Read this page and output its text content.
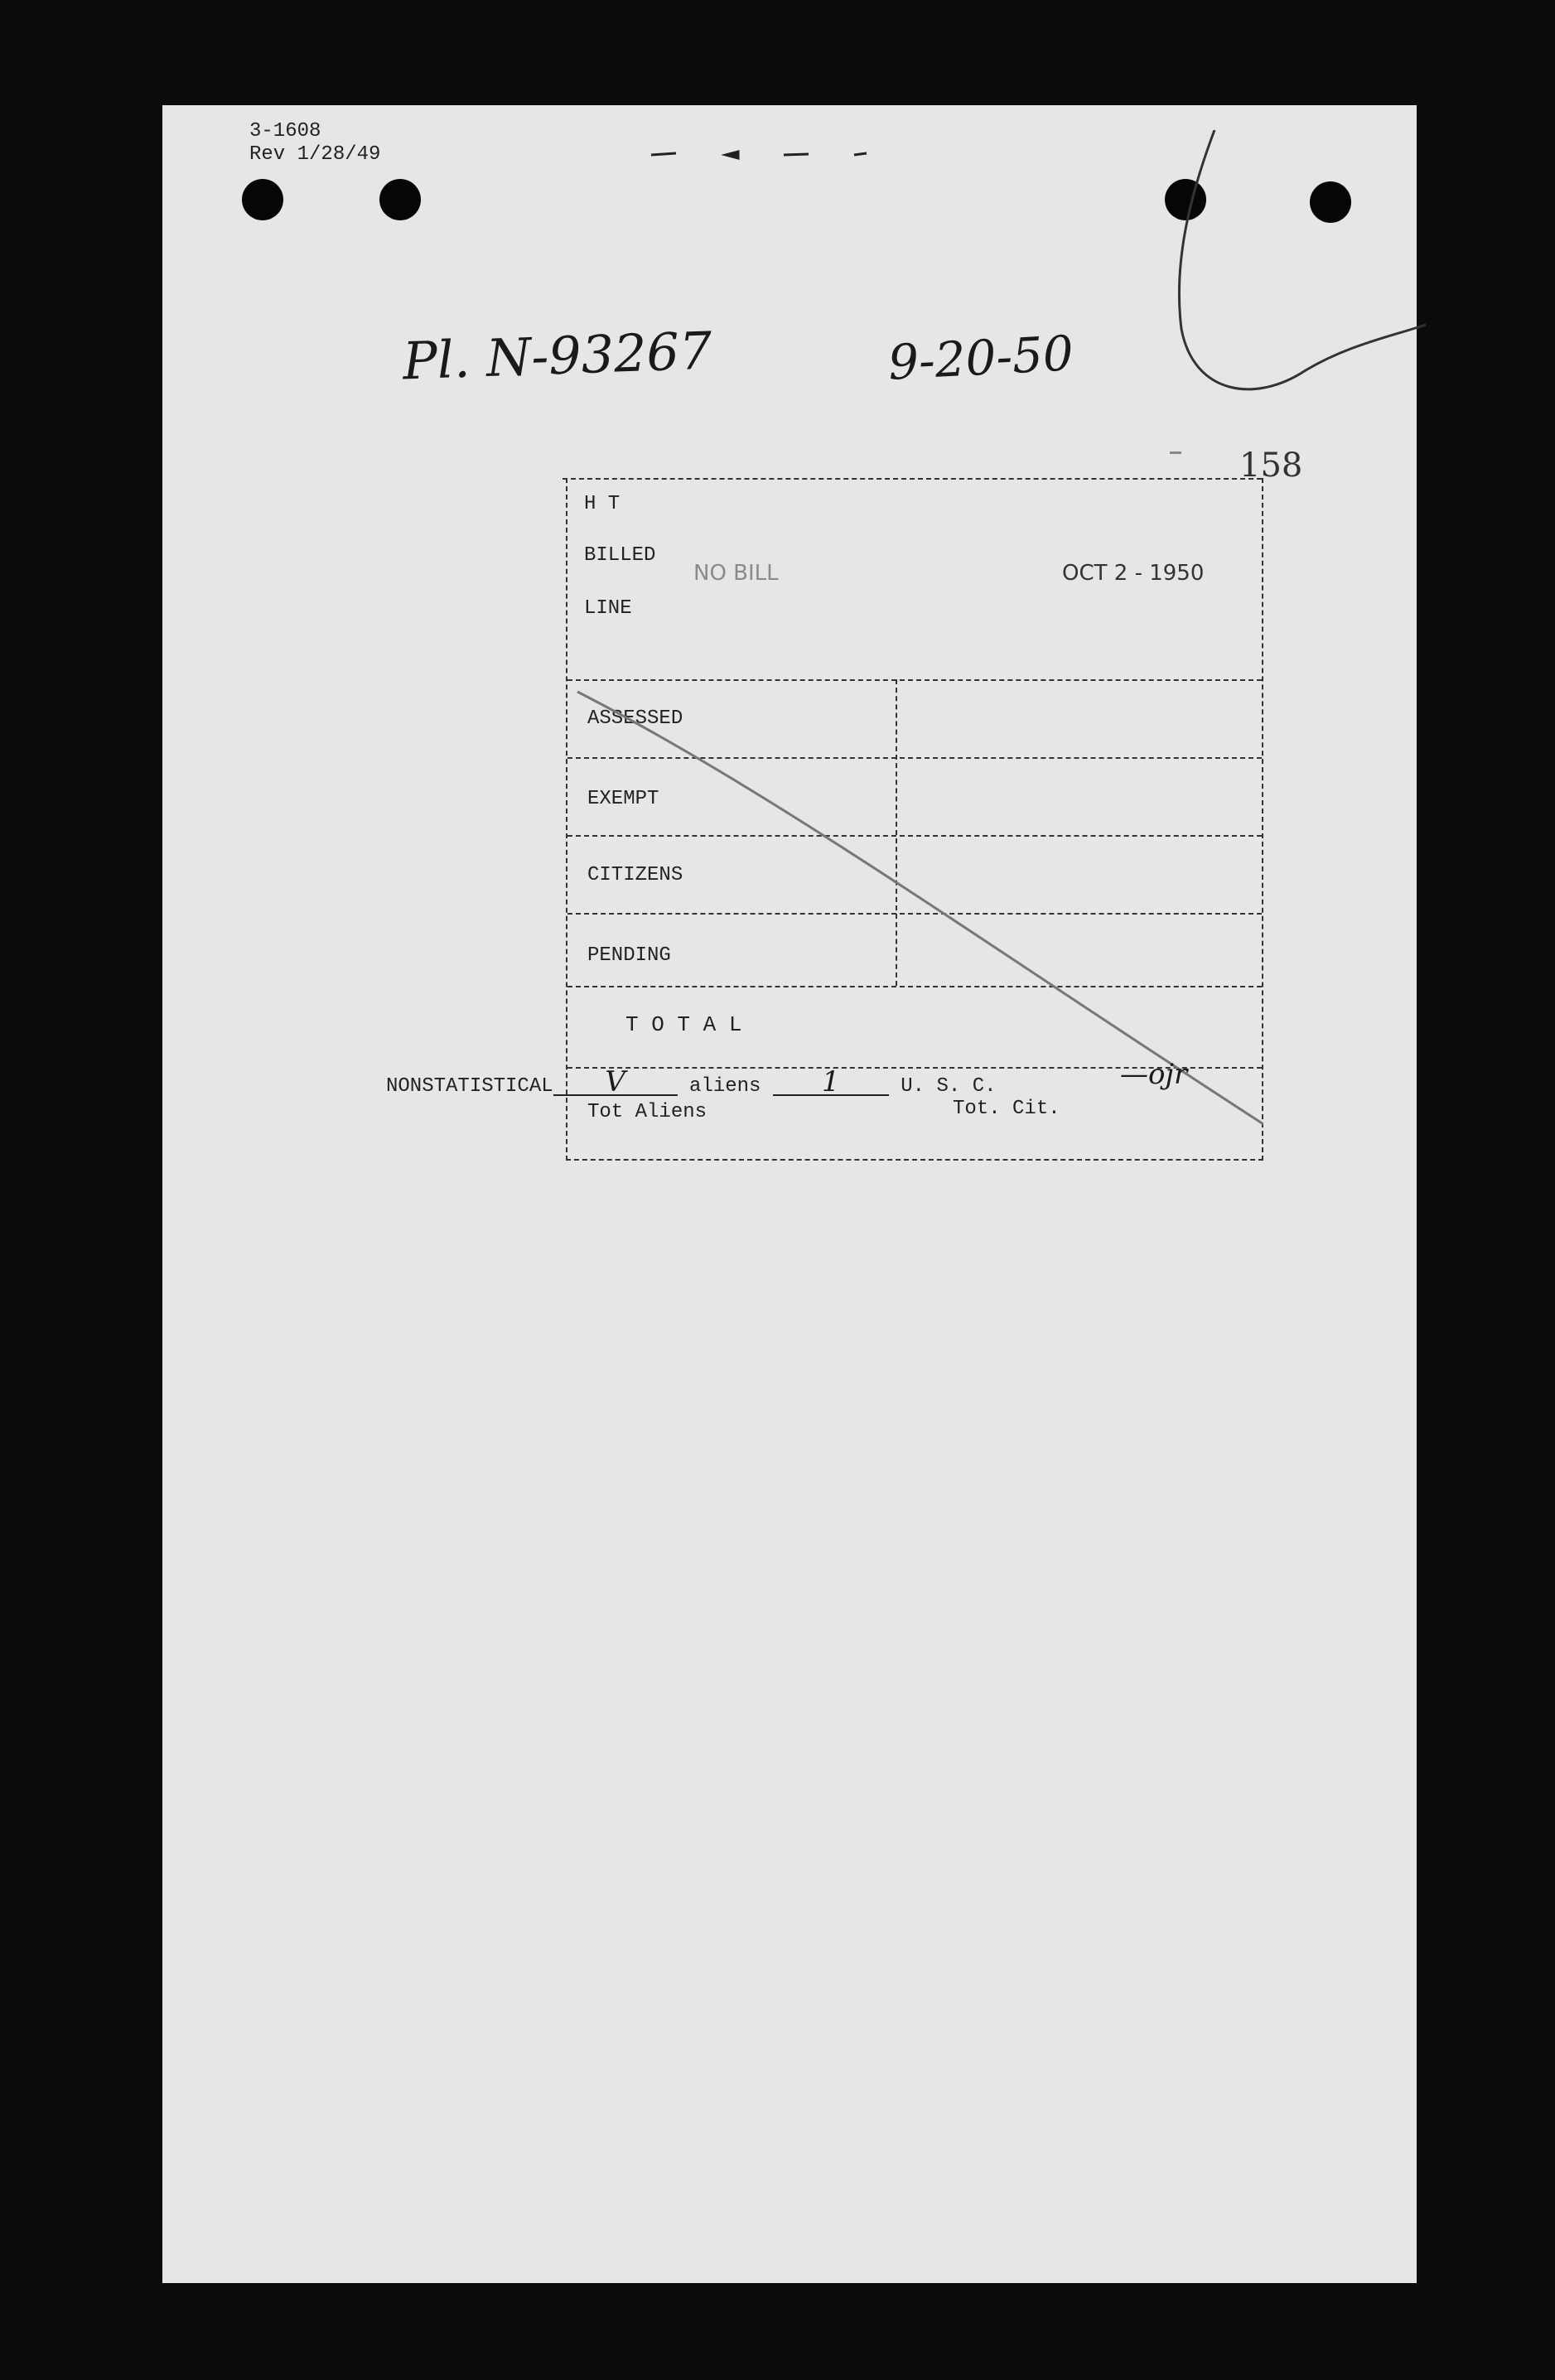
3-1608
Rev 1/28/49
Pl. N-93267	9-20-50
158
H T
BILLED
LINE
NO BILL	OCT 2 - 1950
ASSESSED
EXEMPT
CITIZENS
PENDING
T O T A L
Tot Aliens	Tot. Cit.
NONSTATISTICAL V	aliens 1	U. S. C.	—ojr
